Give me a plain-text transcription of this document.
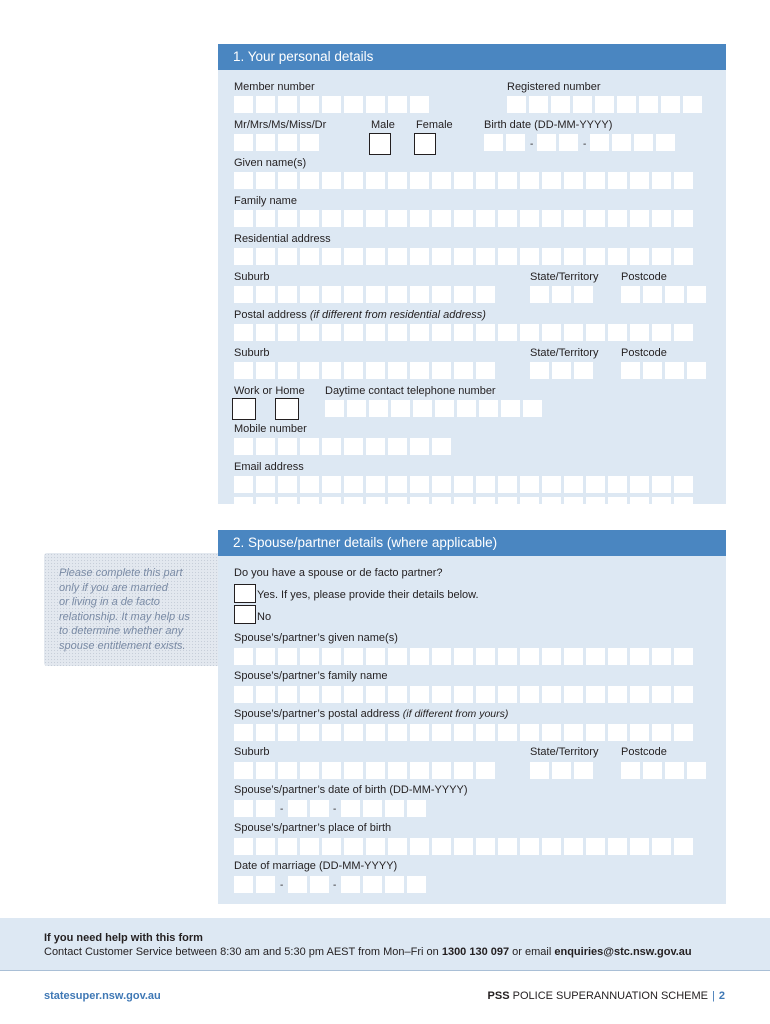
1. Your personal details
Member number	Registered number
Mr/Mrs/Ms/Miss/Dr	Male Female	Birth date (DD-MM-YYYY)
-	-
Given name(s)
Family name
Residential address
Suburb	State/Territory Postcode
Postal address (if different from residential address)
Suburb	State/Territory Postcode
Work or Home Daytime contact telephone number
Mobile number
Email address
2. Spouse/partner details (where applicable)
Please complete this part
only if you are married
or living in a de facto
relationship. It may help us
to determine whether any
spouse entitlement exists.
Do you have a spouse or de facto partner?
Yes. If yes, please provide their details below.
No
Spouse’s/partner’s given name(s)
Spouse’s/partner’s family name
Spouse’s/partner’s postal address (if different from yours)
Suburb	State/Territory Postcode
Spouse’s/partner’s date of birth (DD-MM-YYYY)
-	-
Spouse’s/partner’s place of birth
Date of marriage (DD-MM-YYYY)
-	-
If you need help with this form
Contact Customer Service between 8:30 am and 5:30 pm AEST from Mon–Fri on 1300 130 097 or email enquiries@stc.nsw.gov.au
statesuper.nsw.gov.au	PSS POLICE SUPERANNUATION SCHEME | 2
